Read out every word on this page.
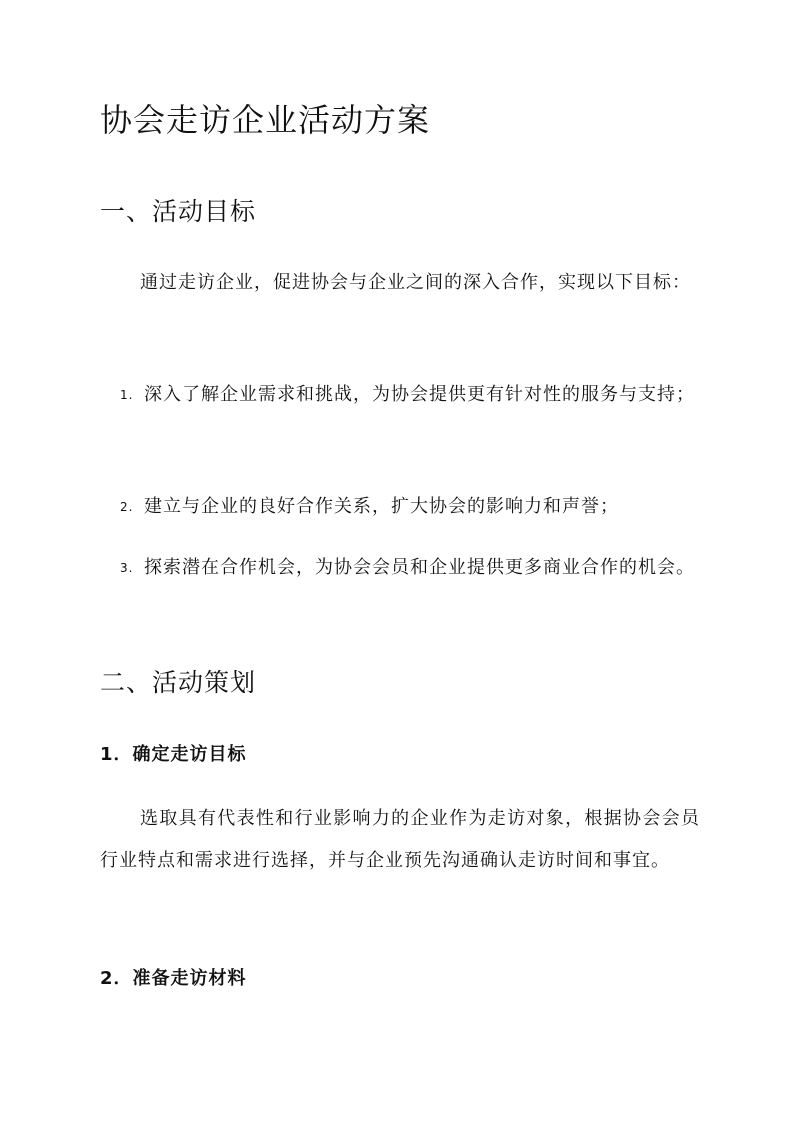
协会走访企业活动方案
一、活动目标

通过走访企业，促进协会与企业之间的深入合作，实现以下目标：

1. 深入了解企业需求和挑战，为协会提供更有针对性的服务与支持；
2. 建立与企业的良好合作关系，扩大协会的影响力和声誉；
3. 探索潜在合作机会，为协会会员和企业提供更多商业合作的机会。
二、活动策划
1．确定走访目标

选取具有代表性和行业影响力的企业作为走访对象，根据协会会员行业特点和需求进行选择，并与企业预先沟通确认走访时间和事宜。

2．准备走访材料
